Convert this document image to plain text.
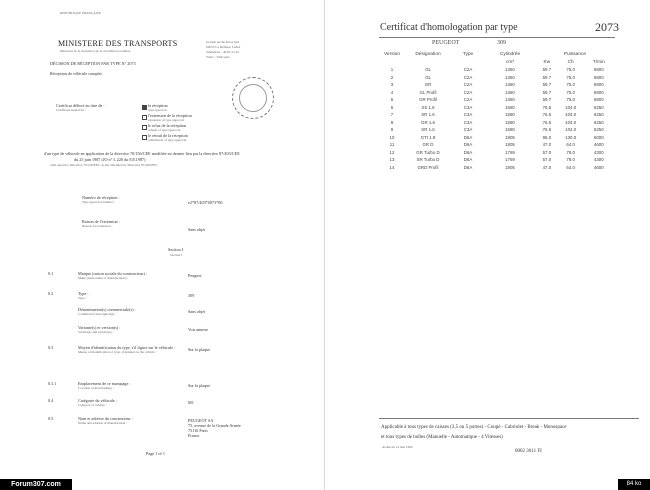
REPUBLIQUE FRANÇAISE
MINISTERE DES TRANSPORTS
Direction de la sécurité et de la circulation routières
Grande Arche Paroi Sud
92055 La Défense Cedex
Téléphone : 40.81.21.22
Télex : Télécopie
DÉCISION DE RÉCEPTION PAR TYPE N° 2073
Réception de véhicule complet
Certificat délivré au titre de :
Certificate issued for :
la réception
type approval
l'extension de la réception
extension of type approval
le refus de la réception
refusal of type approval
le retrait de la réception
withdrawal of type approval
d'un type de véhicule en application de la directive 70/156/CEE modifiée en dernier lieu par la directive 87/403/CEE
du 25 juin 1987 (JO n° L 220 du 8.8.1987)
with regard to Directive 70/156/EEC as last amended by Directive 87/403/EEC
Numéro de réception :
Type-approval number :	e2*87/403*0073*00
Raison de l'extension :
Reason for extension :
Sans objet
Section I
Section I
0.1	Marque (raison sociale du constructeur) :
Make (trade name of manufacturer) :	Peugeot
0.2	Type :
Type :	309
Dénomination(s) commerciale(s) :
Commercial description(s) :	Sans objet
Variante(s) et version(s) :
Variant(s) and version(s) :	Voir annexe
0.3	Moyen d'identification du type, s'il figure sur le véhicule :
Means of identification of type, if marked on the vehicle :	Sur la plaque
0.3.1	Emplacement de ce marquage :
Location of that marking :	Sur la plaque
0.4	Catégorie du véhicule :
Category of vehicle :	M1
0.5	Nom et adresse du constructeur :
Name and address of manufacturer :	PEUGEOT SA
75, avenue de la Grande Armée
75116 Paris
France
Page 1 of 1
Certificat d'homologation par type	2073
PEUGEOT	309
Version	Désignation	Type	Cylindrée	Puissance		
			cm³	Kw	Ch	T/min
1	GL	C2A	1360	59.7	75.0	5800
2	GL	C2A	1360	59.7	75.0	5800
3	GR	C2A	1360	59.7	75.0	5800
4	GL Profil	C2A	1360	59.7	75.0	5800
5	GR Profil	C2A	1360	59.7	75.0	5800
6	XS 1.6	C3A	1580	76.5	104.0	6250
7	SR 1.6	C3A	1580	76.5	104.0	6250
8	GR 1.6	C3A	1580	76.5	104.0	6250
9	SR 1.6	C3A	1580	76.5	104.0	6250
10	GTI 1.9	D6A	1905	96.0	130.0	6000
11	GR D	D6A	1905	47.0	64.0	4600
12	GR Turbo D	D6A	1769	57.0	78.0	4300
13	SR Turbo D	D6A	1769	57.0	78.0	4300
14	GRD Profil	D6A	1905	47.0	64.0	4600
Applicable à tous types de caisses (3,5 ou 5 portes) - Coupé - Cabriolet - Break - Monospace
et tous types de boîtes (Manuelle - Automatique - 4 Vitesses)
Arrêté du 14 mai 1992
0002 3611 FI
Forum307.com	84 ko
